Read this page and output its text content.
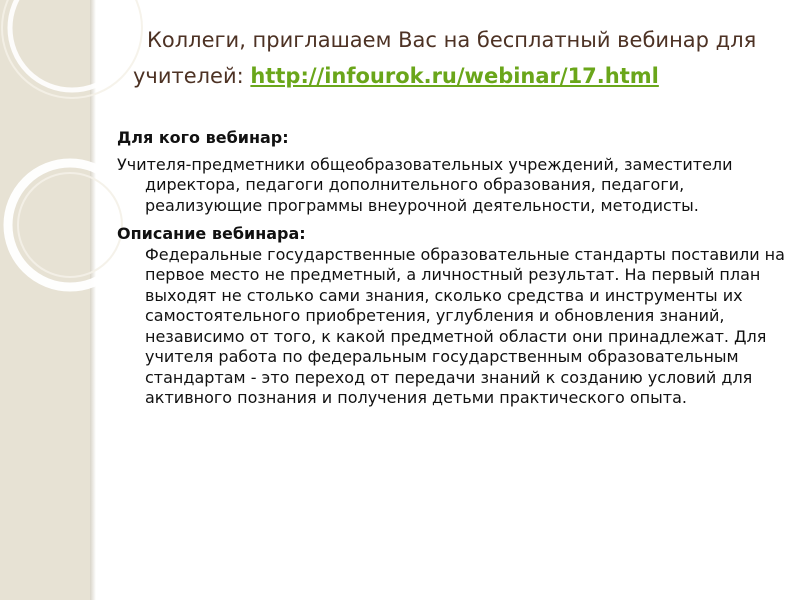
Коллеги, приглашаем Вас на бесплатный вебинар для учителей: http://infourok.ru/webinar/17.html

Для кого вебинар:
Учителя-предметники общеобразовательных учреждений, заместители директора, педагоги дополнительного образования, педагоги, реализующие программы внеурочной деятельности, методисты.
Описание вебинара:
Федеральные государственные образовательные стандарты поставили на первое место не предметный, а личностный результат. На первый план выходят не столько сами знания, сколько средства и инструменты их самостоятельного приобретения, углубления и обновления знаний, независимо от того, к какой предметной области они принадлежат. Для учителя работа по федеральным государственным образовательным стандартам - это переход от передачи знаний к созданию условий для активного познания и получения детьми практического опыта.
